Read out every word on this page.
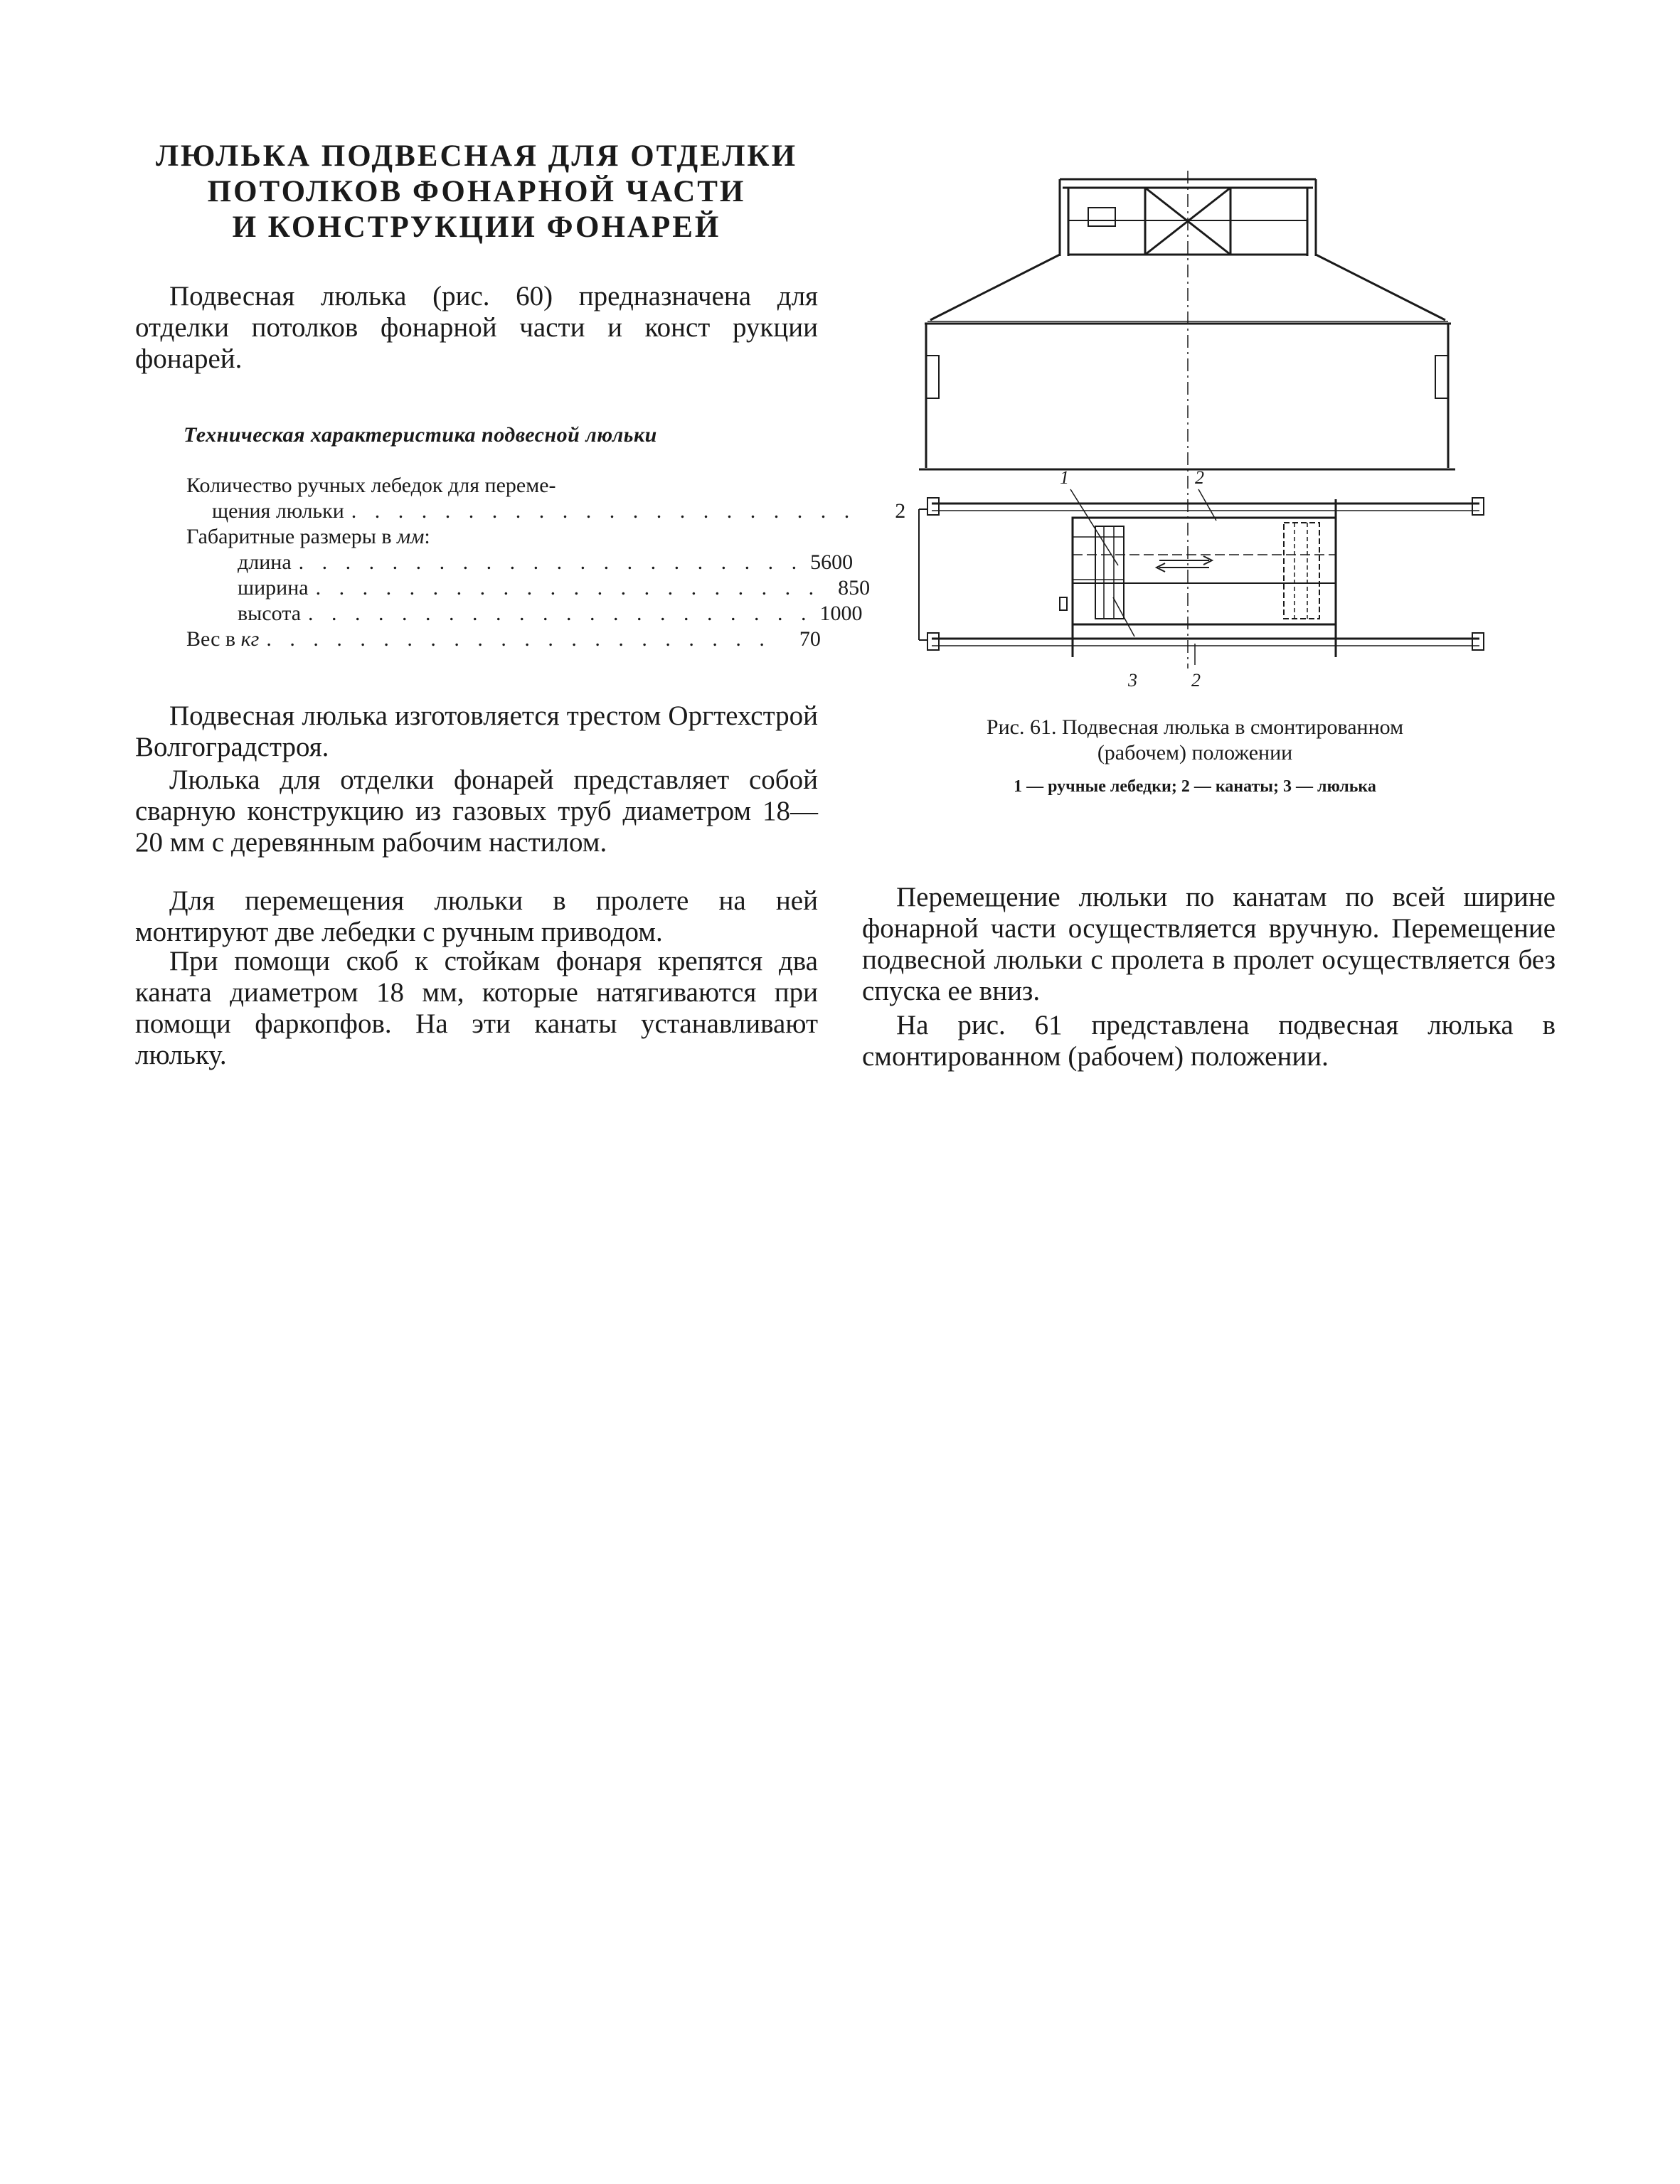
ЛЮЛЬКА ПОДВЕСНАЯ ДЛЯ ОТДЕЛКИ
ПОТОЛКОВ ФОНАРНОЙ ЧАСТИ
И КОНСТРУКЦИИ ФОНАРЕЙ

Подвесная люлька (рис. 60) предназначена для отделки потолков фонарной части и конст рукции фонарей.

Техническая характеристика подвесной люльки
Количество ручных лебедок для переме-
щения люльки . . . . . . . . . . . . . . . . . . . . . .	2
Габаритные размеры в мм:
длина . . . . . . . . . . . . . . . . . . . . . . 5600
ширина . . . . . . . . . . . . . . . . . . . . . . 850
высота . . . . . . . . . . . . . . . . . . . . . . 1000
Вес в кг . . . . . . . . . . . . . . . . . . . . . .	70

Подвесная люлька изготовляется трестом Оргтехстрой Волгоградстроя.

Люлька для отделки фонарей представляет собой сварную конструкцию из газовых труб диаметром 18—20 мм с деревянным рабочим настилом.

Для перемещения люльки в пролете на ней монтируют две лебедки с ручным приводом.

При помощи скоб к стойкам фонаря крепятся два каната диаметром 18 мм, которые натягиваются при помощи фаркопфов. На эти канаты устанавливают люльку.

1	2
3	2

Рис. 61. Подвесная люлька в смонтированном
(рабочем) положении

1 — ручные лебедки; 2 — канаты; 3 — люлька

Перемещение люльки по канатам по всей ширине фонарной части осуществляется вручную. Перемещение подвесной люльки с пролета в пролет осуществляется без спуска ее вниз.

На рис. 61 представлена подвесная люлька в смонтированном (рабочем) положении.
